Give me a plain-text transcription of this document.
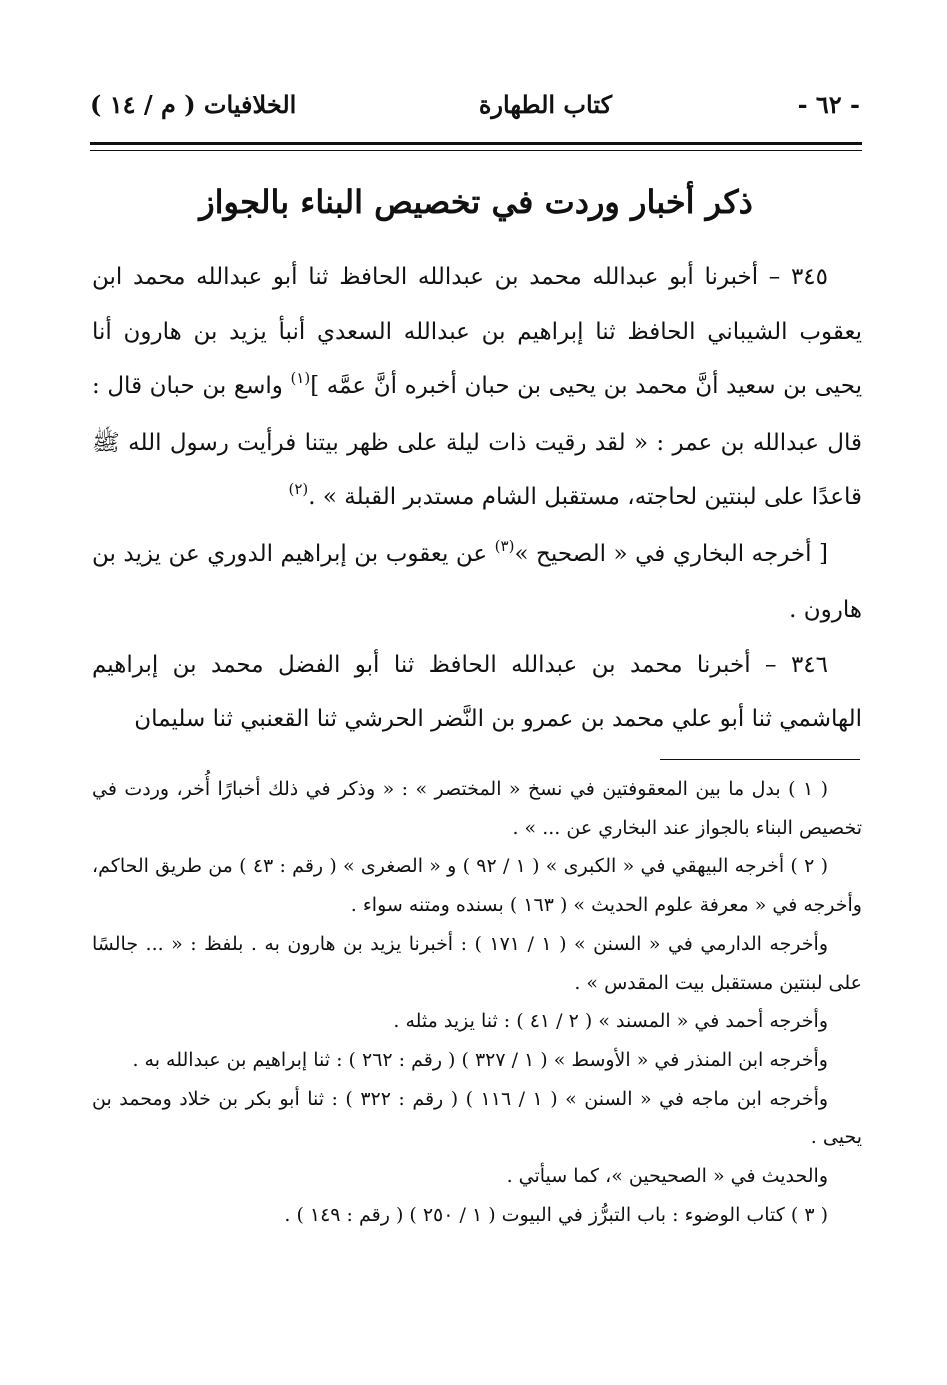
- ٦٢ -
كتاب الطهارة
الخلافيات ( م / ١٤ )
ذكر أخبار وردت في تخصيص البناء بالجواز

٣٤٥ – أخبرنا أبو عبدالله محمد بن عبدالله الحافظ ثنا أبو عبدالله محمد ابن يعقوب الشيباني الحافظ ثنا إبراهيم بن عبدالله السعدي أنبأ يزيد بن هارون أنا يحيى بن سعيد أنَّ محمد بن يحيى بن حبان أخبره أنَّ عمَّه ]$^{(١)}$ واسع بن حبان قال : قال عبدالله بن عمر : « لقد رقيت ذات ليلة على ظهر بيتنا فرأيت رسول الله ﷺ قاعدًا على لبنتين لحاجته، مستقبل الشام مستدبر القبلة » .$^{(٢)}$

[ أخرجه البخاري في « الصحيح »$^{(٣)}$ عن يعقوب بن إبراهيم الدوري عن يزيد بن هارون .

٣٤٦ – أخبرنا محمد بن عبدالله الحافظ ثنا أبو الفضل محمد بن إبراهيم الهاشمي ثنا أبو علي محمد بن عمرو بن النَّضر الحرشي ثنا القعنبي ثنا سليمان

( ١ ) بدل ما بين المعقوفتين في نسخ « المختصر » : « وذكر في ذلك أخبارًا أُخر، وردت في تخصيص البناء بالجواز عند البخاري عن ... » .

( ٢ ) أخرجه البيهقي في « الكبرى » ( ١ / ٩٢ ) و « الصغرى » ( رقم : ٤٣ ) من طريق الحاكم، وأخرجه في « معرفة علوم الحديث » ( ١٦٣ ) بسنده ومتنه سواء .

وأخرجه الدارمي في « السنن » ( ١ / ١٧١ ) : أخبرنا يزيد بن هارون به . بلفظ : « ... جالسًا على لبنتين مستقبل بيت المقدس » .

وأخرجه أحمد في « المسند » ( ٢ / ٤١ ) : ثنا يزيد مثله .

وأخرجه ابن المنذر في « الأوسط » ( ١ / ٣٢٧ ) ( رقم : ٢٦٢ ) : ثنا إبراهيم بن عبدالله به .

وأخرجه ابن ماجه في « السنن » ( ١ / ١١٦ ) ( رقم : ٣٢٢ ) : ثنا أبو بكر بن خلاد ومحمد بن يحيى .

والحديث في « الصحيحين »، كما سيأتي .

( ٣ ) كتاب الوضوء : باب التبرُّز في البيوت ( ١ / ٢٥٠ ) ( رقم : ١٤٩ ) .
